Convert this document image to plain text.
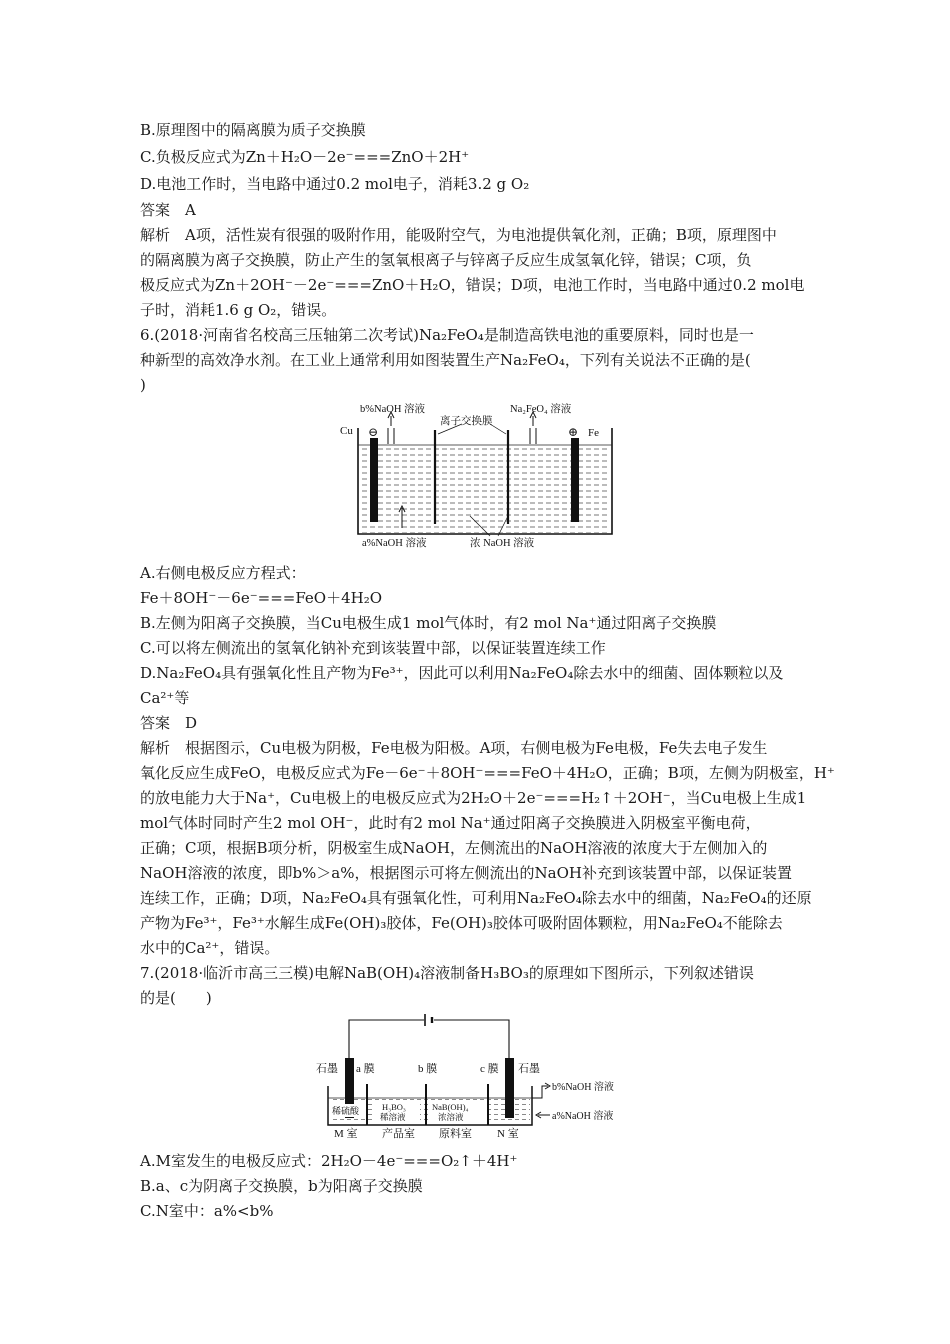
B.原理图中的隔离膜为质子交换膜
C.负极反应式为Zn＋H₂O－2e⁻===ZnO＋2H⁺
D.电池工作时，当电路中通过0.2 mol电子，消耗3.2 g O₂
答案　A
解析　A项，活性炭有很强的吸附作用，能吸附空气，为电池提供氧化剂，正确；B项，原理图中
的隔离膜为离子交换膜，防止产生的氢氧根离子与锌离子反应生成氢氧化锌，错误；C项，负
极反应式为Zn＋2OH⁻－2e⁻===ZnO＋H₂O，错误；D项，电池工作时，当电路中通过0.2 mol电
子时，消耗1.6 g O₂，错误。
6.(2018·河南省名校高三压轴第二次考试)Na₂FeO₄是制造高铁电池的重要原料，同时也是一
种新型的高效净水剂。在工业上通常利用如图装置生产Na₂FeO₄，下列有关说法不正确的是(
)
Cu ⊖	Fe
⊕
b%NaOH 溶液
离子交换膜
Na₂FeO₄ 溶液
a%NaOH 溶液	浓 NaOH 溶液
A.右侧电极反应方程式：
Fe＋8OH⁻－6e⁻===FeO＋4H₂O
B.左侧为阳离子交换膜，当Cu电极生成1 mol气体时，有2 mol Na⁺通过阳离子交换膜
C.可以将左侧流出的氢氧化钠补充到该装置中部，以保证装置连续工作
D.Na₂FeO₄具有强氧化性且产物为Fe³⁺，因此可以利用Na₂FeO₄除去水中的细菌、固体颗粒以及
Ca²⁺等
答案　D
解析　根据图示，Cu电极为阴极，Fe电极为阳极。A项，右侧电极为Fe电极，Fe失去电子发生
氧化反应生成FeO，电极反应式为Fe－6e⁻＋8OH⁻===FeO＋4H₂O，正确；B项，左侧为阴极室，H⁺
的放电能力大于Na⁺，Cu电极上的电极反应式为2H₂O＋2e⁻===H₂↑＋2OH⁻，当Cu电极上生成1
mol气体时同时产生2 mol OH⁻，此时有2 mol Na⁺通过阳离子交换膜进入阴极室平衡电荷，
正确；C项，根据B项分析，阴极室生成NaOH，左侧流出的NaOH溶液的浓度大于左侧加入的
NaOH溶液的浓度，即b%＞a%，根据图示可将左侧流出的NaOH补充到该装置中部，以保证装置
连续工作，正确；D项，Na₂FeO₄具有强氧化性，可利用Na₂FeO₄除去水中的细菌，Na₂FeO₄的还原
产物为Fe³⁺，Fe³⁺水解生成Fe(OH)₃胶体，Fe(OH)₃胶体可吸附固体颗粒，用Na₂FeO₄不能除去
水中的Ca²⁺，错误。
7.(2018·临沂市高三三模)电解NaB(OH)₄溶液制备H₃BO₃的原理如下图所示，下列叙述错误
的是(　　)
石墨 a 膜	b 膜	c 膜 石墨
b%NaOH 溶液
a%NaOH 溶液
稀硫酸	H₃BO₃
稀溶液
NaB(OH)₄
浓溶液
M 室 产品室 原料室 N 室
A.M室发生的电极反应式：2H₂O－4e⁻===O₂↑＋4H⁺
B.a、c为阴离子交换膜，b为阳离子交换膜
C.N室中：a%<b%
